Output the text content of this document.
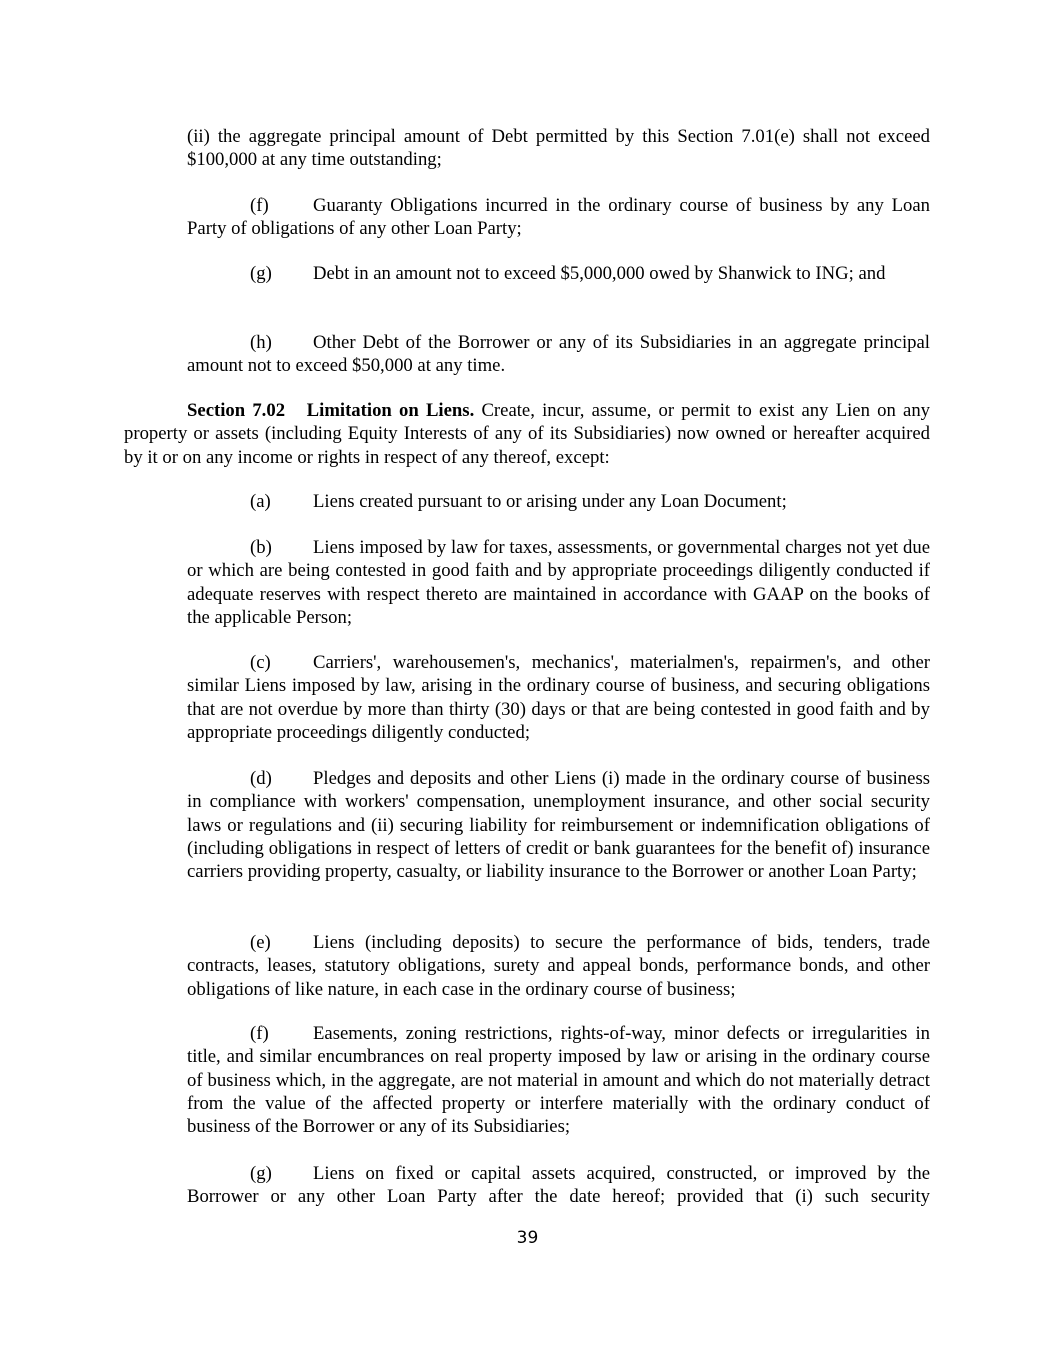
(ii) the aggregate principal amount of Debt permitted by this Section 7.01(e) shall not exceed $100,000 at any time outstanding;
(f) Guaranty Obligations incurred in the ordinary course of business by any Loan Party of obligations of any other Loan Party;
(g) Debt in an amount not to exceed $5,000,000 owed by Shanwick to ING; and
(h) Other Debt of the Borrower or any of its Subsidiaries in an aggregate principal amount not to exceed $50,000 at any time.
Section 7.02 Limitation on Liens. Create, incur, assume, or permit to exist any Lien on any property or assets (including Equity Interests of any of its Subsidiaries) now owned or hereafter acquired by it or on any income or rights in respect of any thereof, except:
(a) Liens created pursuant to or arising under any Loan Document;
(b) Liens imposed by law for taxes, assessments, or governmental charges not yet due or which are being contested in good faith and by appropriate proceedings diligently conducted if adequate reserves with respect thereto are maintained in accordance with GAAP on the books of the applicable Person;
(c) Carriers', warehousemen's, mechanics', materialmen's, repairmen's, and other similar Liens imposed by law, arising in the ordinary course of business, and securing obligations that are not overdue by more than thirty (30) days or that are being contested in good faith and by appropriate proceedings diligently conducted;
(d) Pledges and deposits and other Liens (i) made in the ordinary course of business in compliance with workers' compensation, unemployment insurance, and other social security laws or regulations and (ii) securing liability for reimbursement or indemnification obligations of (including obligations in respect of letters of credit or bank guarantees for the benefit of) insurance carriers providing property, casualty, or liability insurance to the Borrower or another Loan Party;
(e) Liens (including deposits) to secure the performance of bids, tenders, trade contracts, leases, statutory obligations, surety and appeal bonds, performance bonds, and other obligations of like nature, in each case in the ordinary course of business;
(f) Easements, zoning restrictions, rights-of-way, minor defects or irregularities in title, and similar encumbrances on real property imposed by law or arising in the ordinary course of business which, in the aggregate, are not material in amount and which do not materially detract from the value of the affected property or interfere materially with the ordinary conduct of business of the Borrower or any of its Subsidiaries;
(g) Liens on fixed or capital assets acquired, constructed, or improved by the Borrower or any other Loan Party after the date hereof; provided that (i) such security
39
